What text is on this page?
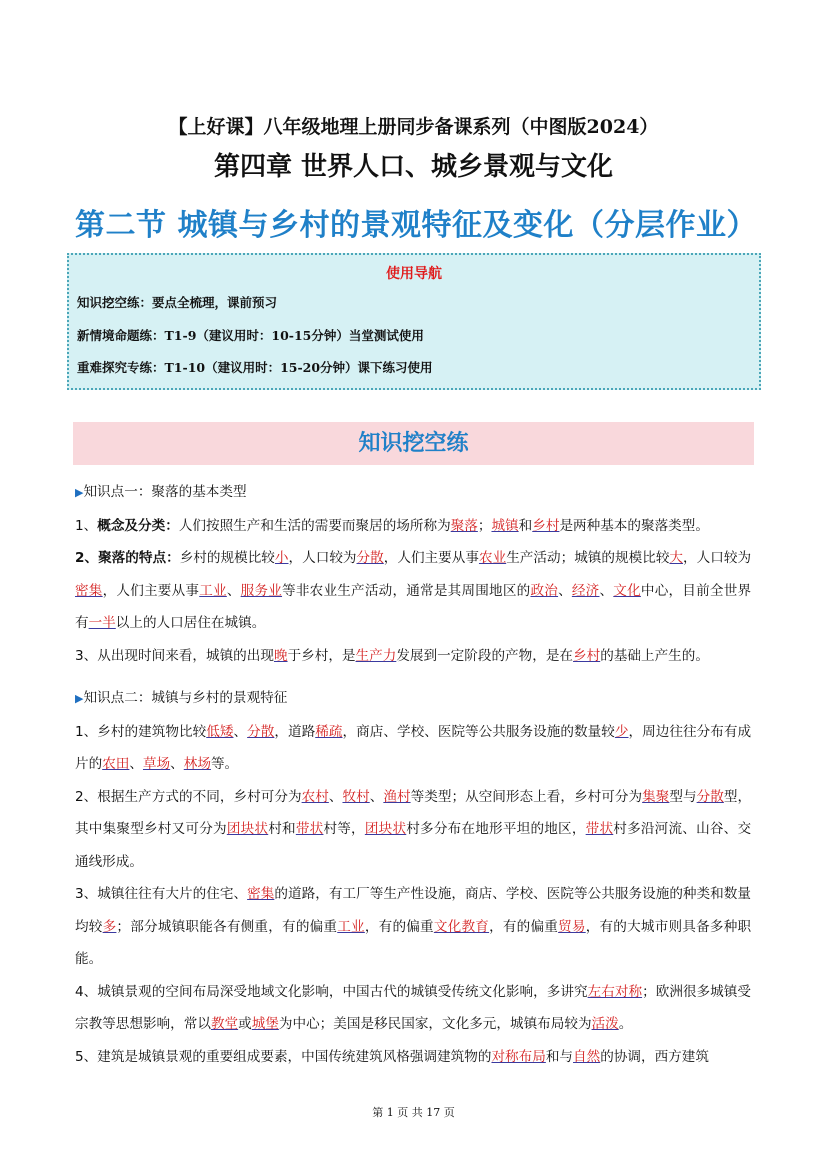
【上好课】八年级地理上册同步备课系列（中图版2024）
第四章 世界人口、城乡景观与文化
第二节 城镇与乡村的景观特征及变化（分层作业）
使用导航
知识挖空练：要点全梳理，课前预习
新情境命题练：T1-9（建议用时：10-15分钟）当堂测试使用
重难探究专练：T1-10（建议用时：15-20分钟）课下练习使用
知识挖空练

▶知识点一：聚落的基本类型

1、概念及分类：人们按照生产和生活的需要而聚居的场所称为聚落；城镇和乡村是两种基本的聚落类型。

2、聚落的特点：乡村的规模比较小，人口较为分散，人们主要从事农业生产活动；城镇的规模比较大，人口较为密集，人们主要从事工业、服务业等非农业生产活动，通常是其周围地区的政治、经济、文化中心，目前全世界有一半以上的人口居住在城镇。

3、从出现时间来看，城镇的出现晚于乡村，是生产力发展到一定阶段的产物，是在乡村的基础上产生的。

▶知识点二：城镇与乡村的景观特征

1、乡村的建筑物比较低矮、分散，道路稀疏，商店、学校、医院等公共服务设施的数量较少，周边往往分布有成片的农田、草场、林场等。

2、根据生产方式的不同，乡村可分为农村、牧村、渔村等类型；从空间形态上看，乡村可分为集聚型与分散型，其中集聚型乡村又可分为团块状村和带状村等，团块状村多分布在地形平坦的地区，带状村多沿河流、山谷、交通线形成。

3、城镇往往有大片的住宅、密集的道路，有工厂等生产性设施，商店、学校、医院等公共服务设施的种类和数量均较多；部分城镇职能各有侧重，有的偏重工业，有的偏重文化教育，有的偏重贸易，有的大城市则具备多种职能。

4、城镇景观的空间布局深受地域文化影响，中国古代的城镇受传统文化影响，多讲究左右对称；欧洲很多城镇受宗教等思想影响，常以教堂或城堡为中心；美国是移民国家，文化多元，城镇布局较为活泼。

5、建筑是城镇景观的重要组成要素，中国传统建筑风格强调建筑物的对称布局和与自然的协调，西方建筑

第 1 页 共 17 页
